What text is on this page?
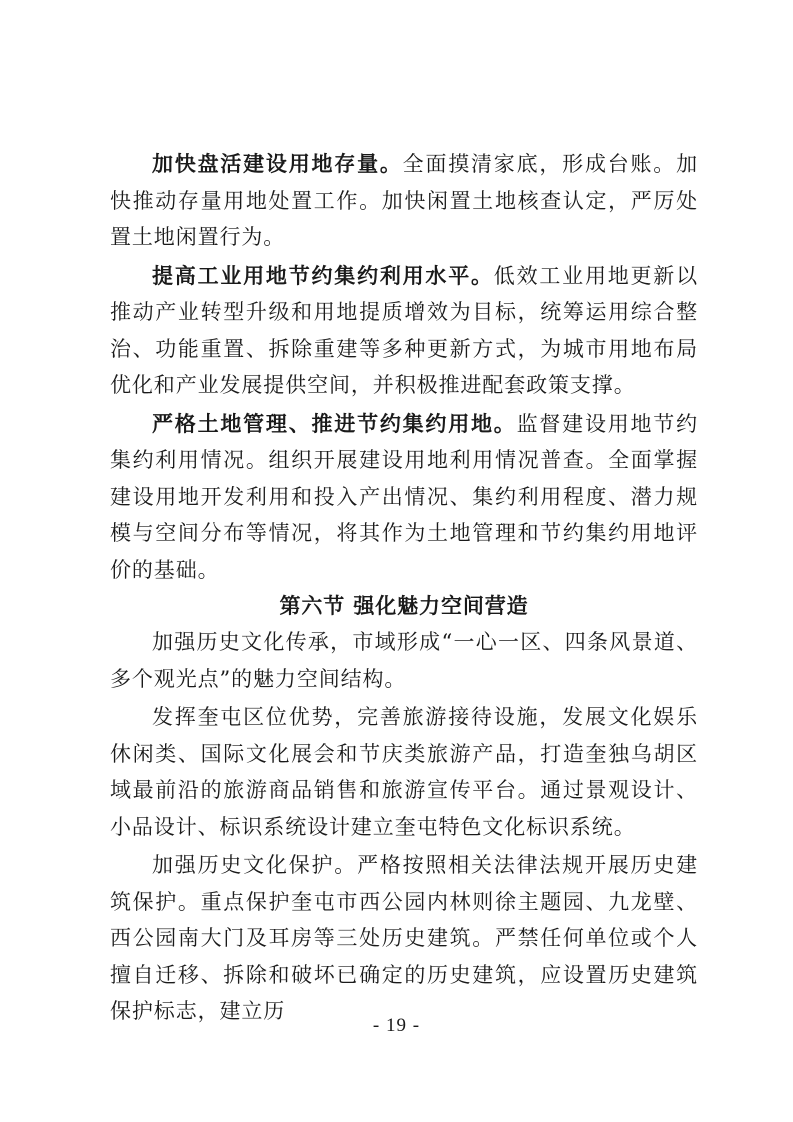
加快盘活建设用地存量。全面摸清家底，形成台账。加快推动存量用地处置工作。加快闲置土地核查认定，严厉处置土地闲置行为。

提高工业用地节约集约利用水平。低效工业用地更新以推动产业转型升级和用地提质增效为目标，统筹运用综合整治、功能重置、拆除重建等多种更新方式，为城市用地布局优化和产业发展提供空间，并积极推进配套政策支撑。

严格土地管理、推进节约集约用地。监督建设用地节约集约利用情况。组织开展建设用地利用情况普查。全面掌握建设用地开发利用和投入产出情况、集约利用程度、潜力规模与空间分布等情况，将其作为土地管理和节约集约用地评价的基础。

第六节 强化魅力空间营造

加强历史文化传承，市域形成“一心一区、四条风景道、多个观光点”的魅力空间结构。

发挥奎屯区位优势，完善旅游接待设施，发展文化娱乐休闲类、国际文化展会和节庆类旅游产品，打造奎独乌胡区域最前沿的旅游商品销售和旅游宣传平台。通过景观设计、小品设计、标识系统设计建立奎屯特色文化标识系统。

加强历史文化保护。严格按照相关法律法规开展历史建筑保护。重点保护奎屯市西公园内林则徐主题园、九龙壁、西公园南大门及耳房等三处历史建筑。严禁任何单位或个人擅自迁移、拆除和破坏已确定的历史建筑，应设置历史建筑保护标志，建立历

- 19 -
